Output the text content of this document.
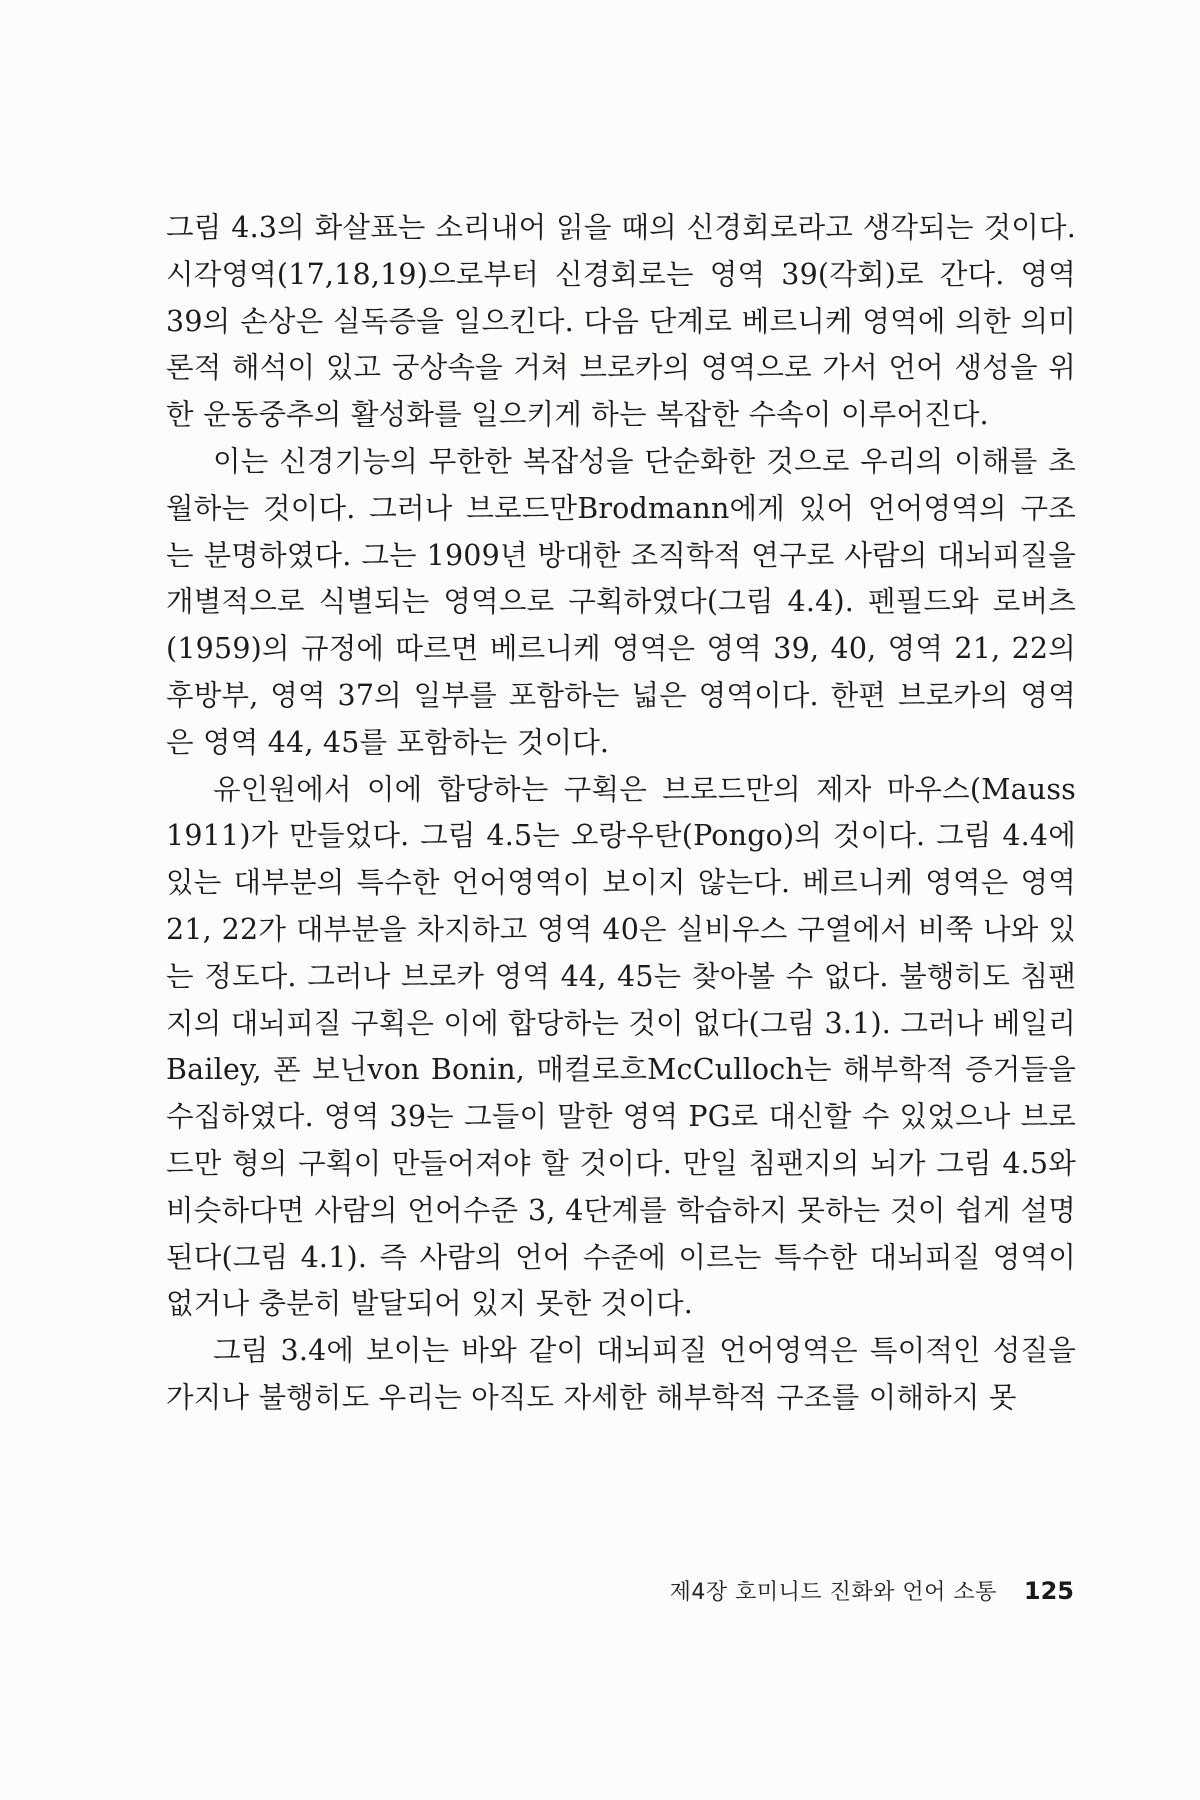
그림 4.3의 화살표는 소리내어 읽을 때의 신경회로라고 생각되는 것이다. 시각영역(17,18,19)으로부터 신경회로는 영역 39(각회)로 간다. 영역 39의 손상은 실독증을 일으킨다. 다음 단계로 베르니케 영역에 의한 의미론적 해석이 있고 궁상속을 거쳐 브로카의 영역으로 가서 언어 생성을 위한 운동중추의 활성화를 일으키게 하는 복잡한 수속이 이루어진다.

이는 신경기능의 무한한 복잡성을 단순화한 것으로 우리의 이해를 초월하는 것이다. 그러나 브로드만Brodmann에게 있어 언어영역의 구조는 분명하였다. 그는 1909년 방대한 조직학적 연구로 사람의 대뇌피질을 개별적으로 식별되는 영역으로 구획하였다(그림 4.4). 펜필드와 로버츠(1959)의 규정에 따르면 베르니케 영역은 영역 39, 40, 영역 21, 22의 후방부, 영역 37의 일부를 포함하는 넓은 영역이다. 한편 브로카의 영역은 영역 44, 45를 포함하는 것이다.

유인원에서 이에 합당하는 구획은 브로드만의 제자 마우스(Mauss 1911)가 만들었다. 그림 4.5는 오랑우탄(Pongo)의 것이다. 그림 4.4에 있는 대부분의 특수한 언어영역이 보이지 않는다. 베르니케 영역은 영역 21, 22가 대부분을 차지하고 영역 40은 실비우스 구열에서 비쭉 나와 있는 정도다. 그러나 브로카 영역 44, 45는 찾아볼 수 없다. 불행히도 침팬지의 대뇌피질 구획은 이에 합당하는 것이 없다(그림 3.1). 그러나 베일리Bailey, 폰 보닌von Bonin, 매컬로흐McCulloch는 해부학적 증거들을 수집하였다. 영역 39는 그들이 말한 영역 PG로 대신할 수 있었으나 브로드만 형의 구획이 만들어져야 할 것이다. 만일 침팬지의 뇌가 그림 4.5와 비슷하다면 사람의 언어수준 3, 4단계를 학습하지 못하는 것이 쉽게 설명된다(그림 4.1). 즉 사람의 언어 수준에 이르는 특수한 대뇌피질 영역이 없거나 충분히 발달되어 있지 못한 것이다.

그림 3.4에 보이는 바와 같이 대뇌피질 언어영역은 특이적인 성질을 가지나 불행히도 우리는 아직도 자세한 해부학적 구조를 이해하지 못

제4장 호미니드 진화와 언어 소통 125
